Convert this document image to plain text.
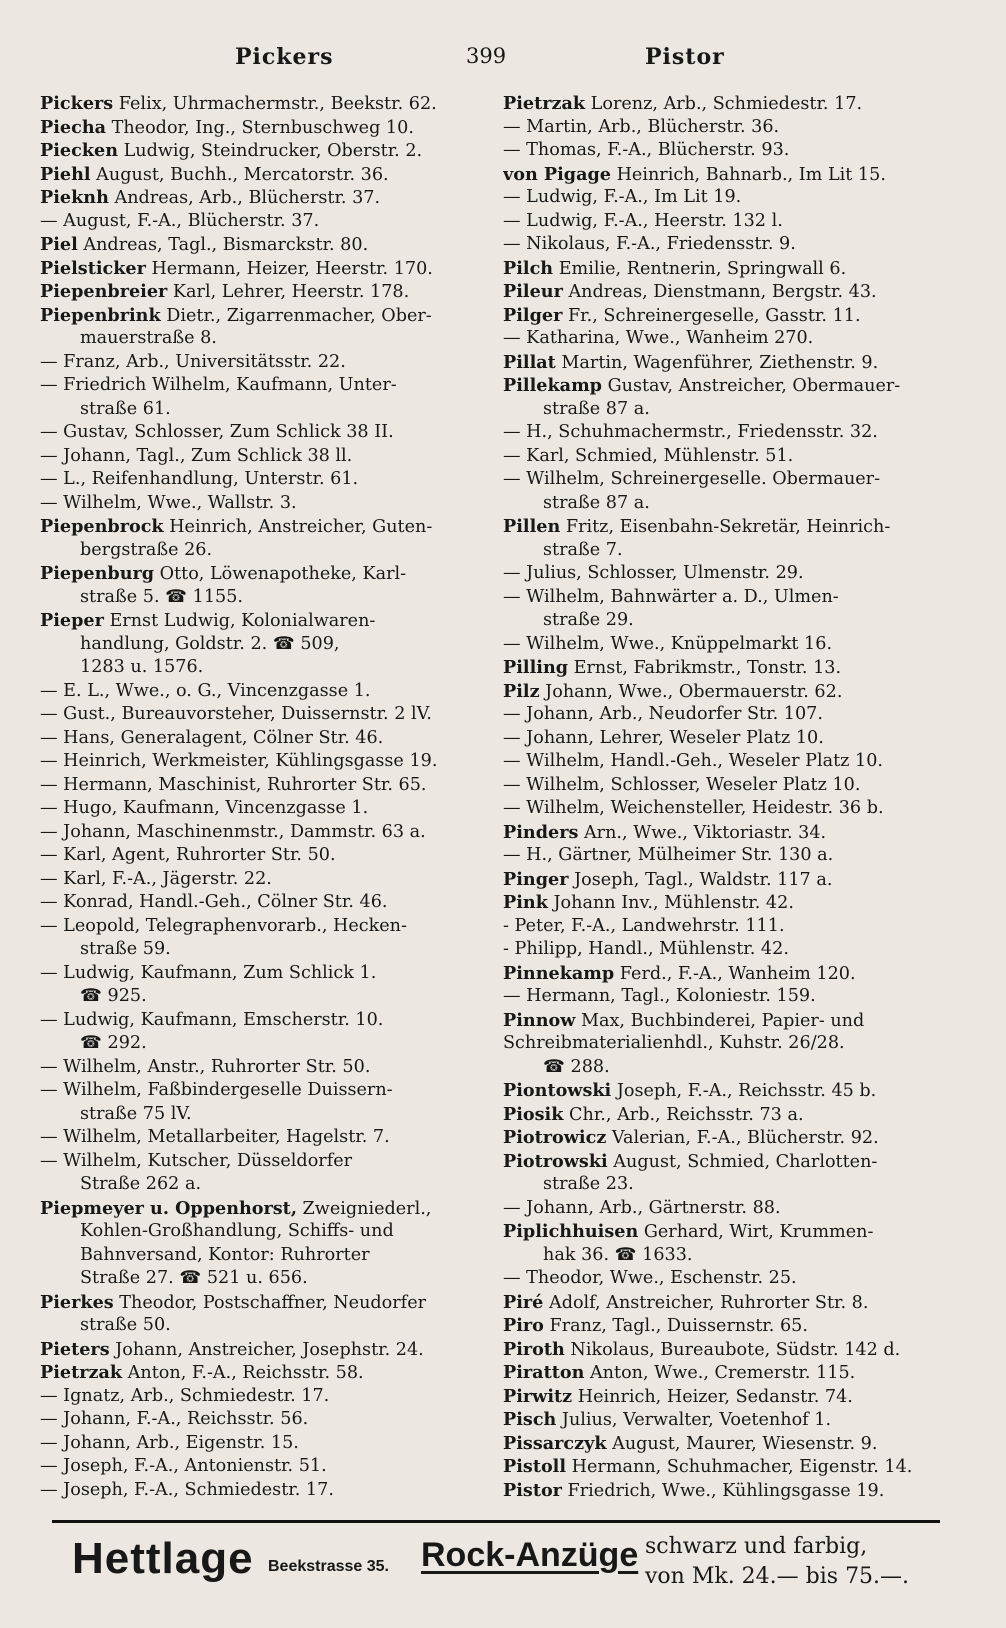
Pickers	399	Pistor
Pickers Felix, Uhrmachermstr., Beekstr. 62.
Piecha Theodor, Ing., Sternbuschweg 10.
Piecken Ludwig, Steindrucker, Oberstr. 2.
Piehl August, Buchh., Mercatorstr. 36.
Pieknh Andreas, Arb., Blücherstr. 37.
— August, F.-A., Blücherstr. 37.
Piel Andreas, Tagl., Bismarckstr. 80.
Pielsticker Hermann, Heizer, Heerstr. 170.
Piepenbreier Karl, Lehrer, Heerstr. 178.
Piepenbrink Dietr., Zigarrenmacher, Ober-
mauerstraße 8.
— Franz, Arb., Universitätsstr. 22.
— Friedrich Wilhelm, Kaufmann, Unter-
straße 61.
— Gustav, Schlosser, Zum Schlick 38 II.
— Johann, Tagl., Zum Schlick 38 ll.
— L., Reifenhandlung, Unterstr. 61.
— Wilhelm, Wwe., Wallstr. 3.
Piepenbrock Heinrich, Anstreicher, Guten-
bergstraße 26.
Piepenburg Otto, Löwenapotheke, Karl-
straße 5. ☎ 1155.
Pieper Ernst Ludwig, Kolonialwaren-
handlung, Goldstr. 2. ☎ 509,
1283 u. 1576.
— E. L., Wwe., o. G., Vincenzgasse 1.
— Gust., Bureauvorsteher, Duissernstr. 2 lV.
— Hans, Generalagent, Cölner Str. 46.
— Heinrich, Werkmeister, Kühlingsgasse 19.
— Hermann, Maschinist, Ruhrorter Str. 65.
— Hugo, Kaufmann, Vincenzgasse 1.
— Johann, Maschinenmstr., Dammstr. 63 a.
— Karl, Agent, Ruhrorter Str. 50.
— Karl, F.-A., Jägerstr. 22.
— Konrad, Handl.-Geh., Cölner Str. 46.
— Leopold, Telegraphenvorarb., Hecken-
straße 59.
— Ludwig, Kaufmann, Zum Schlick 1.
☎ 925.
— Ludwig, Kaufmann, Emscherstr. 10.
☎ 292.
— Wilhelm, Anstr., Ruhrorter Str. 50.
— Wilhelm, Faßbindergeselle Duissern-
straße 75 lV.
— Wilhelm, Metallarbeiter, Hagelstr. 7.
— Wilhelm, Kutscher, Düsseldorfer
Straße 262 a.
Piepmeyer u. Oppenhorst, Zweigniederl.,
Kohlen-Großhandlung, Schiffs- und
Bahnversand, Kontor: Ruhrorter
Straße 27. ☎ 521 u. 656.
Pierkes Theodor, Postschaffner, Neudorfer
straße 50.
Pieters Johann, Anstreicher, Josephstr. 24.
Pietrzak Anton, F.-A., Reichsstr. 58.
— Ignatz, Arb., Schmiedestr. 17.
— Johann, F.-A., Reichsstr. 56.
— Johann, Arb., Eigenstr. 15.
— Joseph, F.-A., Antonienstr. 51.
— Joseph, F.-A., Schmiedestr. 17.
Pietrzak Lorenz, Arb., Schmiedestr. 17.
— Martin, Arb., Blücherstr. 36.
— Thomas, F.-A., Blücherstr. 93.
von Pigage Heinrich, Bahnarb., Im Lit 15.
— Ludwig, F.-A., Im Lit 19.
— Ludwig, F.-A., Heerstr. 132 l.
— Nikolaus, F.-A., Friedensstr. 9.
Pilch Emilie, Rentnerin, Springwall 6.
Pileur Andreas, Dienstmann, Bergstr. 43.
Pilger Fr., Schreinergeselle, Gasstr. 11.
— Katharina, Wwe., Wanheim 270.
Pillat Martin, Wagenführer, Ziethenstr. 9.
Pillekamp Gustav, Anstreicher, Obermauer-
straße 87 a.
— H., Schuhmachermstr., Friedensstr. 32.
— Karl, Schmied, Mühlenstr. 51.
— Wilhelm, Schreinergeselle. Obermauer-
straße 87 a.
Pillen Fritz, Eisenbahn-Sekretär, Heinrich-
straße 7.
— Julius, Schlosser, Ulmenstr. 29.
— Wilhelm, Bahnwärter a. D., Ulmen-
straße 29.
— Wilhelm, Wwe., Knüppelmarkt 16.
Pilling Ernst, Fabrikmstr., Tonstr. 13.
Pilz Johann, Wwe., Obermauerstr. 62.
— Johann, Arb., Neudorfer Str. 107.
— Johann, Lehrer, Weseler Platz 10.
— Wilhelm, Handl.-Geh., Weseler Platz 10.
— Wilhelm, Schlosser, Weseler Platz 10.
— Wilhelm, Weichensteller, Heidestr. 36 b.
Pinders Arn., Wwe., Viktoriastr. 34.
— H., Gärtner, Mülheimer Str. 130 a.
Pinger Joseph, Tagl., Waldstr. 117 a.
Pink Johann Inv., Mühlenstr. 42.
- Peter, F.-A., Landwehrstr. 111.
- Philipp, Handl., Mühlenstr. 42.
Pinnekamp Ferd., F.-A., Wanheim 120.
— Hermann, Tagl., Koloniestr. 159.
Pinnow Max, Buchbinderei, Papier- und
Schreibmaterialienhdl., Kuhstr. 26/28.
☎ 288.
Piontowski Joseph, F.-A., Reichsstr. 45 b.
Piosik Chr., Arb., Reichsstr. 73 a.
Piotrowicz Valerian, F.-A., Blücherstr. 92.
Piotrowski August, Schmied, Charlotten-
straße 23.
— Johann, Arb., Gärtnerstr. 88.
Piplichhuisen Gerhard, Wirt, Krummen-
hak 36. ☎ 1633.
— Theodor, Wwe., Eschenstr. 25.
Piré Adolf, Anstreicher, Ruhrorter Str. 8.
Piro Franz, Tagl., Duissernstr. 65.
Piroth Nikolaus, Bureaubote, Südstr. 142 d.
Piratton Anton, Wwe., Cremerstr. 115.
Pirwitz Heinrich, Heizer, Sedanstr. 74.
Pisch Julius, Verwalter, Voetenhof 1.
Pissarczyk August, Maurer, Wiesenstr. 9.
Pistoll Hermann, Schuhmacher, Eigenstr. 14.
Pistor Friedrich, Wwe., Kühlingsgasse 19.
Hettlage Beekstrasse 35. Rock-Anzüge schwarz und farbig,
von Mk. 24.— bis 75.—.
